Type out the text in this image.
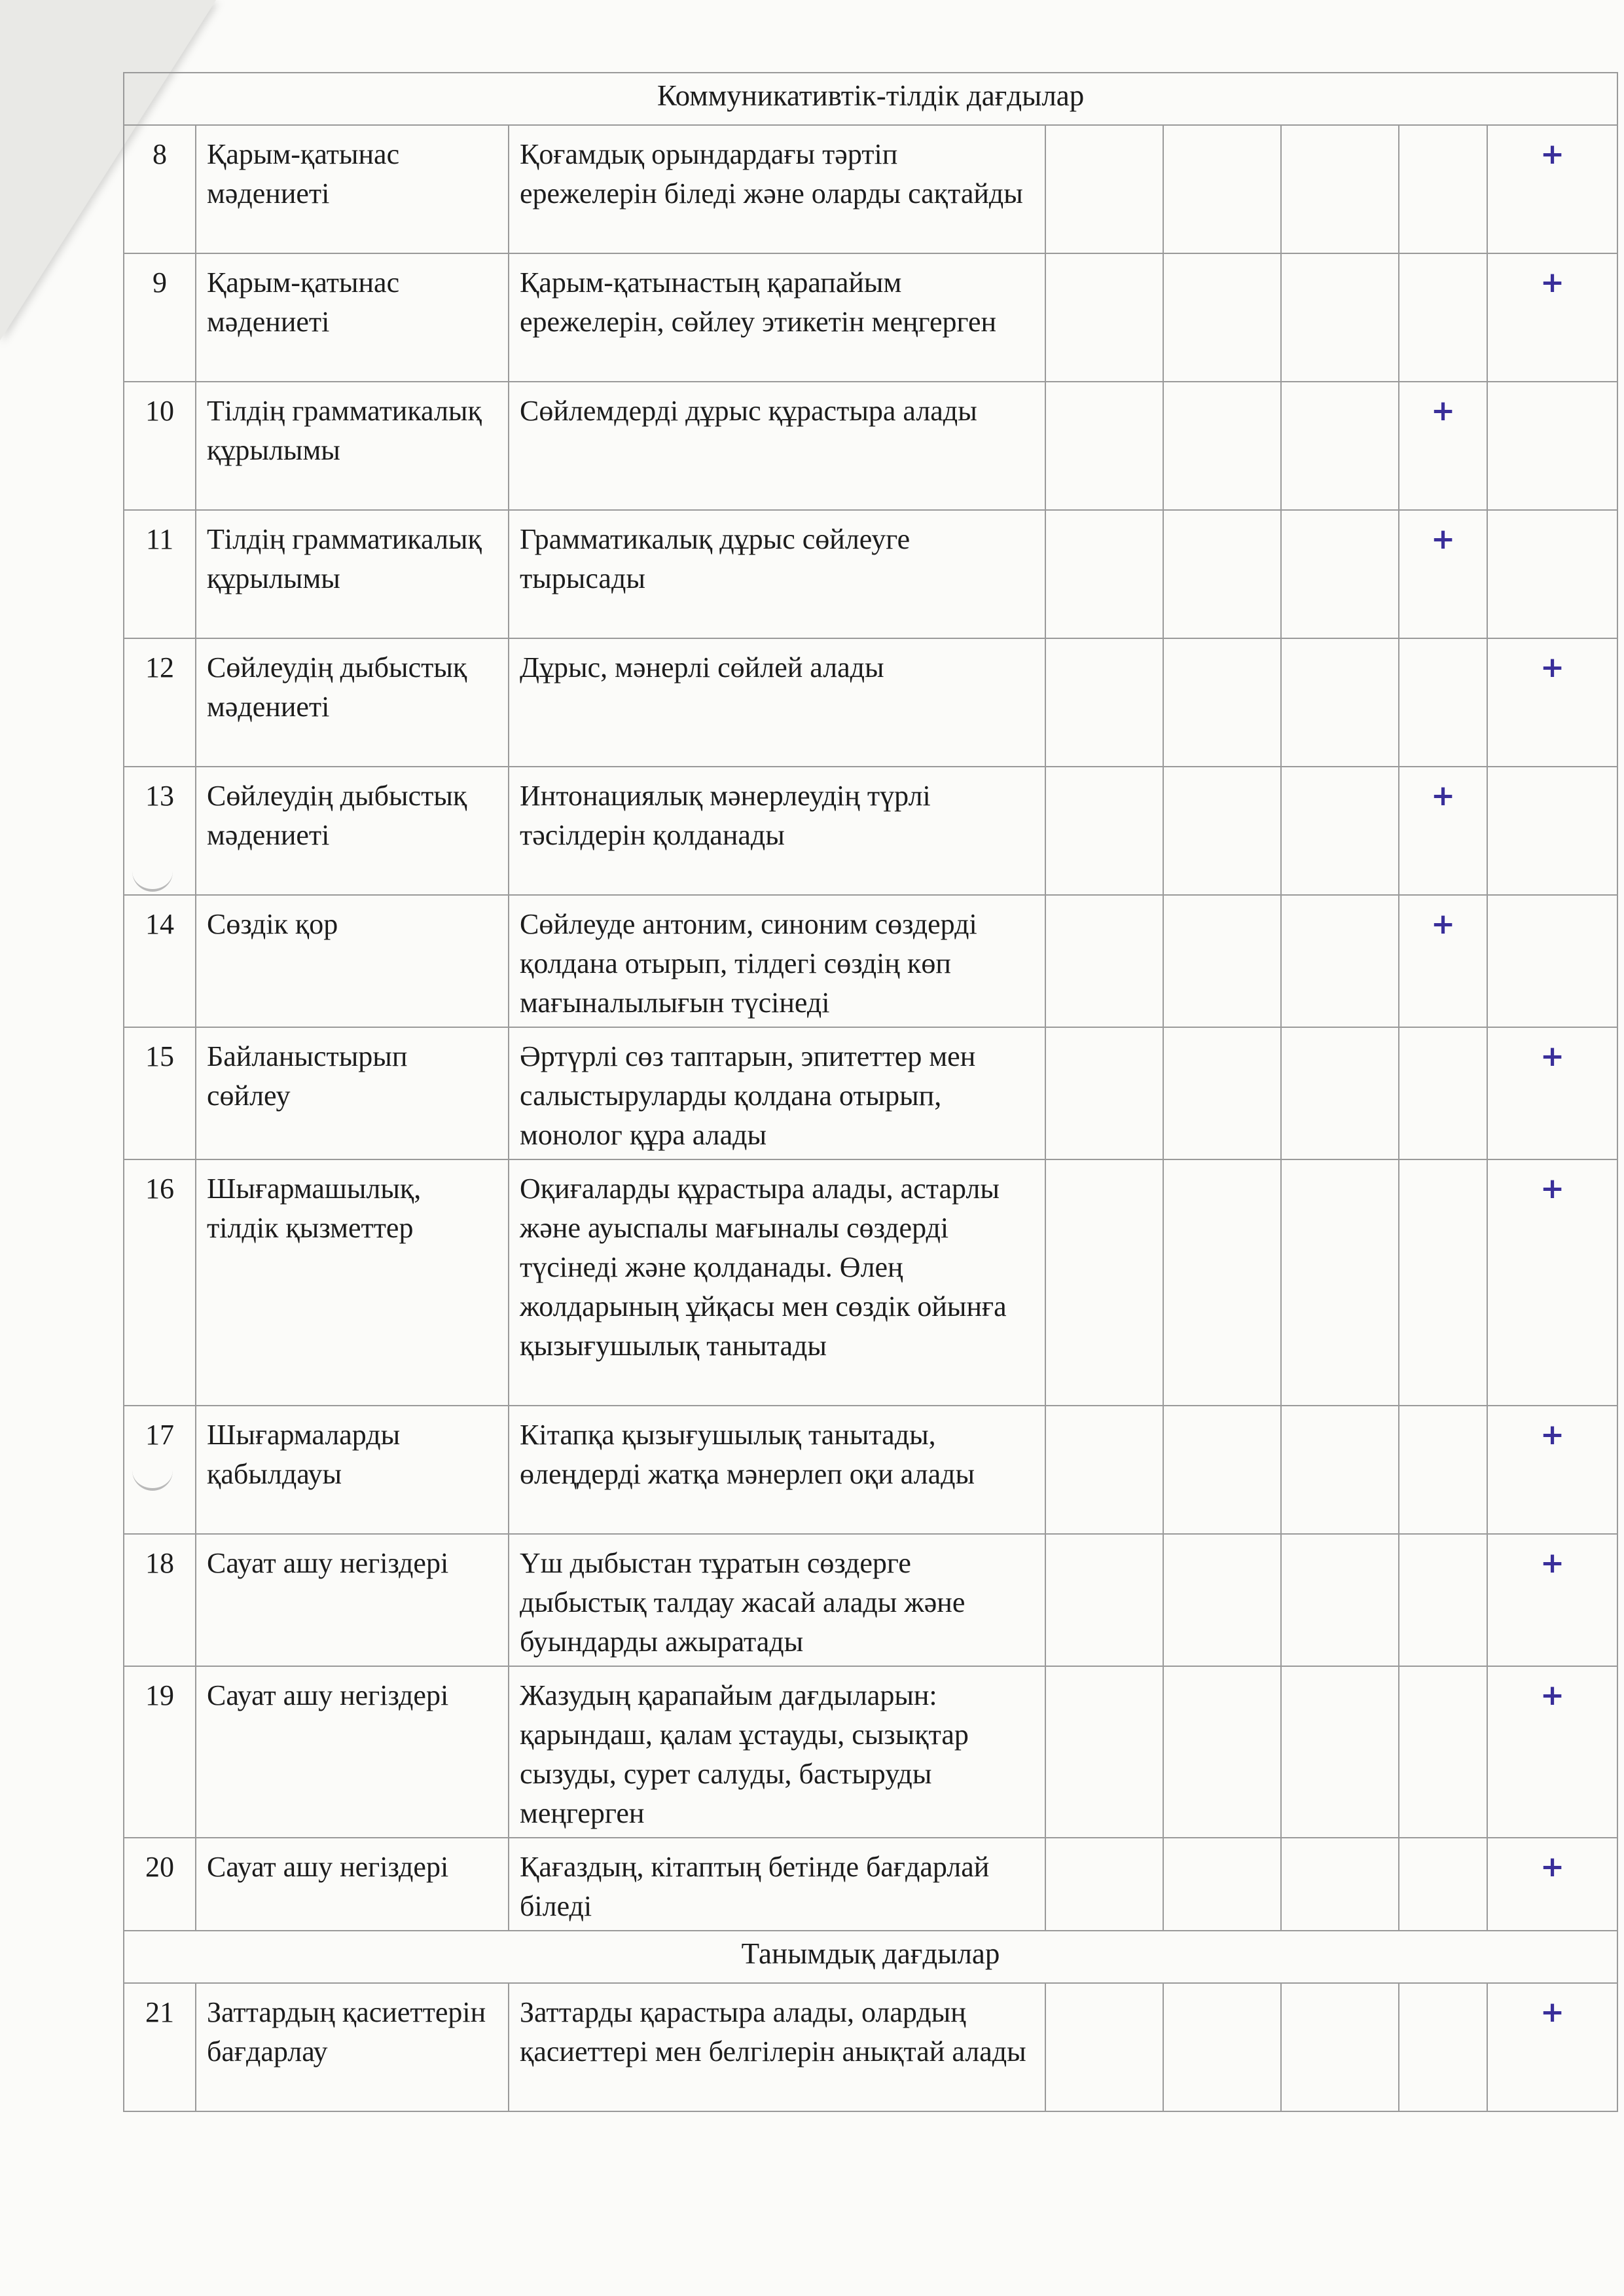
Коммуникативтік-тілдік дағдылар							
8	Қарым-қатынас мәдениеті	Қоғамдық орындардағы тәртіп ережелерін біледі және оларды сақтайды					+
9	Қарым-қатынас мәдениеті	Қарым-қатынастың қарапайым ережелерін, сөйлеу этикетін меңгерген					+
10	Тілдің грамматикалық құрылымы	Сөйлемдерді дұрыс құрастыра алады				+	
11	Тілдің грамматикалық құрылымы	Грамматикалық дұрыс сөйлеуге тырысады				+	
12	Сөйлеудің дыбыстық мәдениеті	Дұрыс, мәнерлі сөйлей алады					+
13	Сөйлеудің дыбыстық мәдениеті	Интонациялық мәнерлеудің түрлі тәсілдерін қолданады				+	
14	Сөздік қор	Сөйлеуде антоним, синоним сөздерді қолдана отырып, тілдегі сөздің көп мағыналылығын түсінеді				+	
15	Байланыстырып сөйлеу	Әртүрлі сөз таптарын, эпитеттер мен салыстыруларды қолдана отырып, монолог құра алады					+
16	Шығармашылық, тілдік қызметтер	Оқиғаларды құрастыра алады, астарлы және ауыспалы мағыналы сөздерді түсінеді және қолданады. Өлең жолдарының ұйқасы мен сөздік ойынға қызығушылық танытады					+
17	Шығармаларды қабылдауы	Кітапқа қызығушылық танытады, өлеңдерді жатқа мәнерлеп оқи алады					+
18	Сауат ашу негіздері	Үш дыбыстан тұратын сөздерге дыбыстық талдау жасай алады және буындарды ажыратады					+
19	Сауат ашу негіздері	Жазудың қарапайым дағдыларын: қарындаш, қалам ұстауды, сызықтар сызуды, сурет салуды, бастыруды меңгерген					+
20	Сауат ашу негіздері	Қағаздың, кітаптың бетінде бағдарлай біледі					+
Танымдық дағдылар							
21	Заттардың қасиеттерін бағдарлау	Заттарды қарастыра алады, олардың қасиеттері мен белгілерін анықтай алады					+
